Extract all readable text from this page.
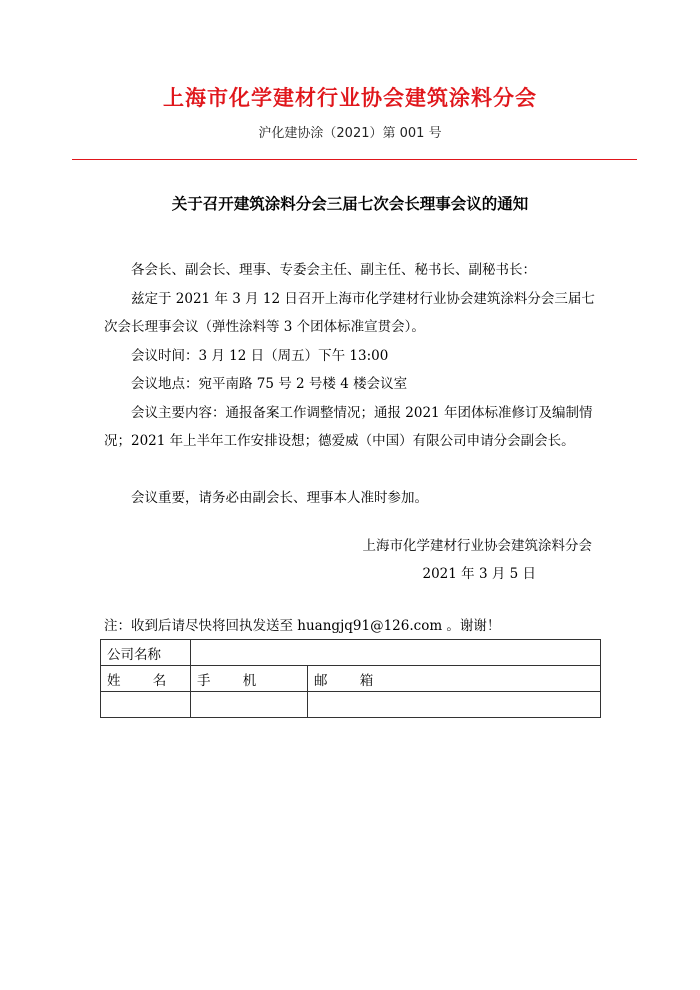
上海市化学建材行业协会建筑涂料分会
沪化建协涂（2021）第 001 号
关于召开建筑涂料分会三届七次会长理事会议的通知

各会长、副会长、理事、专委会主任、副主任、秘书长、副秘书长：

兹定于 2021 年 3 月 12 日召开上海市化学建材行业协会建筑涂料分会三届七次会长理事会议（弹性涂料等 3 个团体标准宣贯会）。

会议时间：3 月 12 日（周五）下午 13:00

会议地点：宛平南路 75 号 2 号楼 4 楼会议室

会议主要内容：通报备案工作调整情况；通报 2021 年团体标准修订及编制情况；2021 年上半年工作安排设想；德爱威（中国）有限公司申请分会副会长。

会议重要，请务必由副会长、理事本人准时参加。

上海市化学建材行业协会建筑涂料分会
2021 年 3 月 5 日
注：收到后请尽快将回执发送至 huangjq91@126.com 。谢谢！
公司名称		
姓 名	手 机	邮 箱
